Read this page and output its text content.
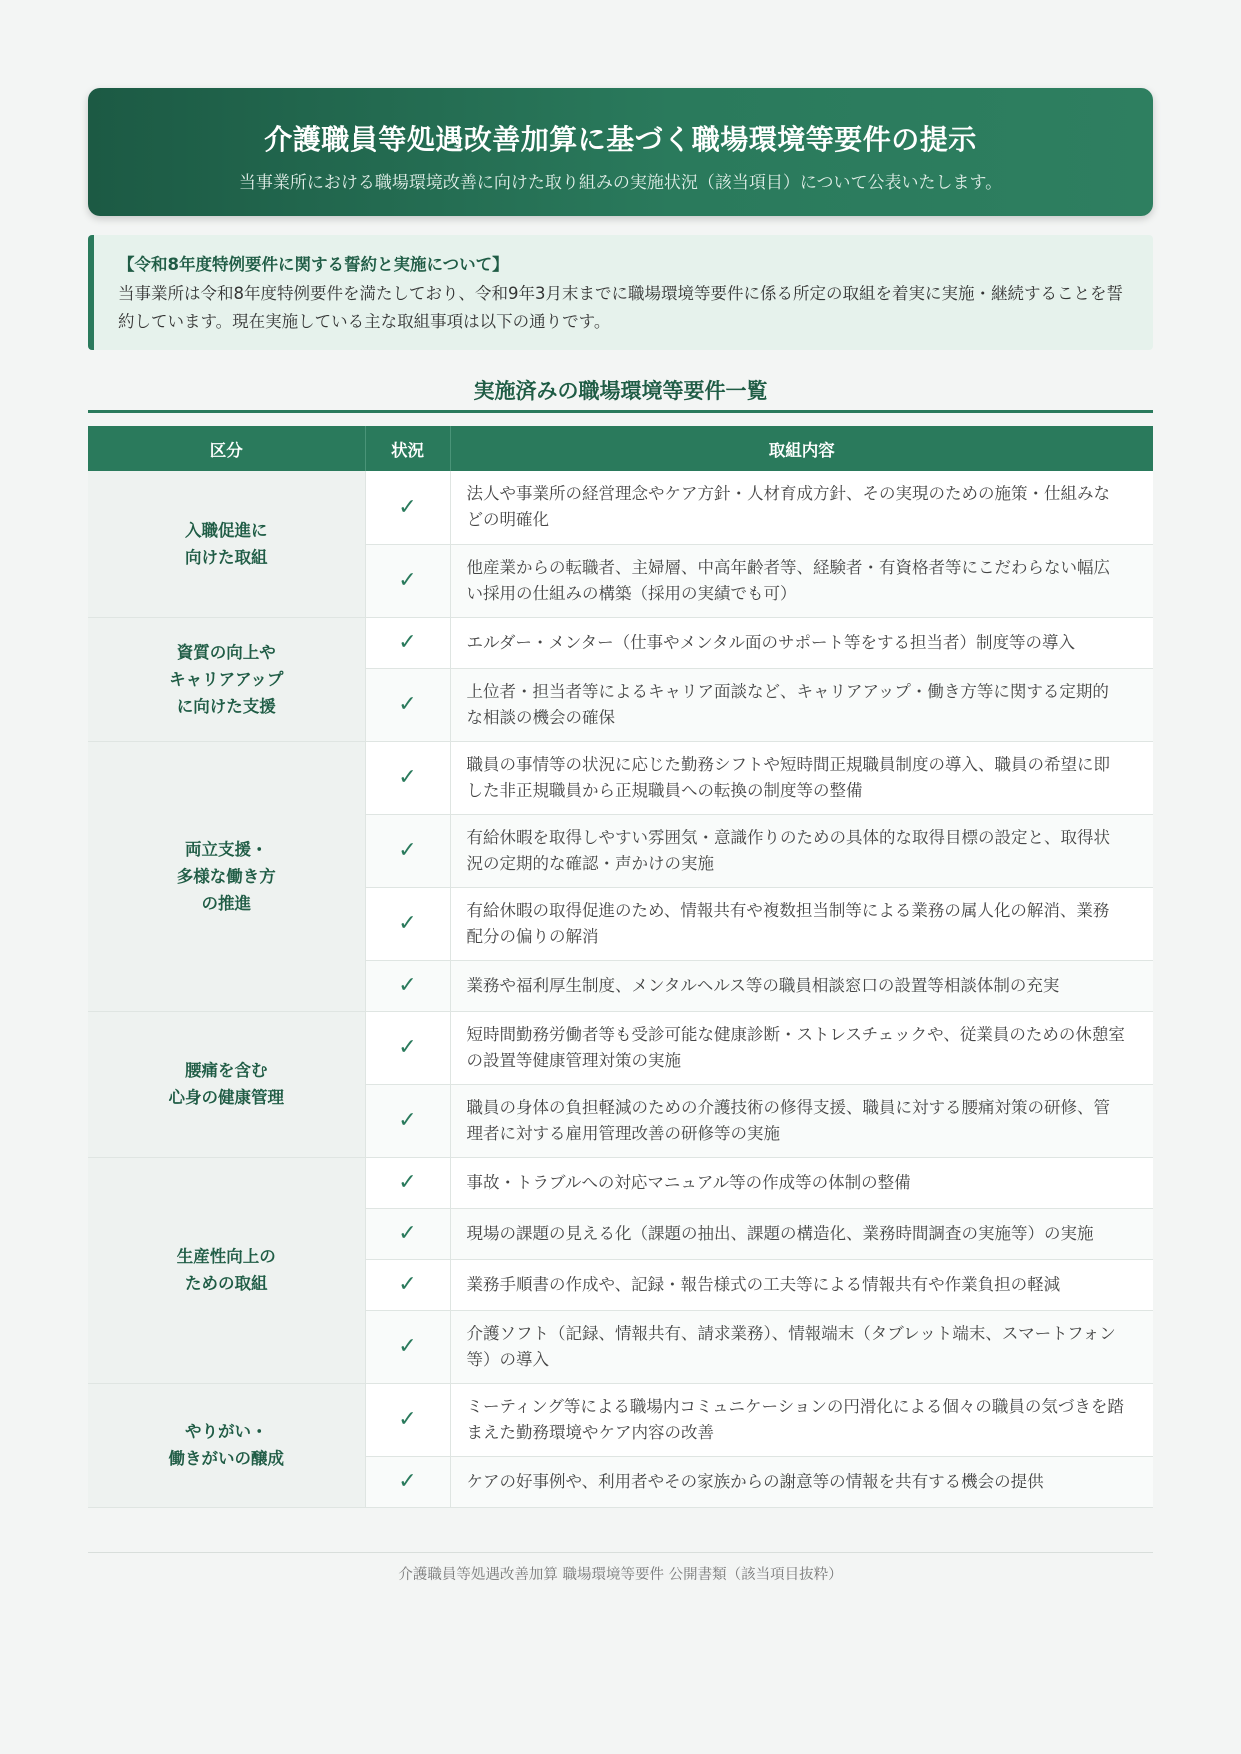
介護職員等処遇改善加算に基づく職場環境等要件の提示
当事業所における職場環境改善に向けた取り組みの実施状況（該当項目）について公表いたします。
【令和8年度特例要件に関する誓約と実施について】
当事業所は令和8年度特例要件を満たしており、令和9年3月末までに職場環境等要件に係る所定の取組を着実に実施・継続することを誓約しています。現在実施している主な取組事項は以下の通りです。
実施済みの職場環境等要件一覧
区分	状況	取組内容
入職促進に
向けた取組	✓	法人や事業所の経営理念やケア方針・人材育成方針、その実現のための施策・仕組みなどの明確化
	✓	他産業からの転職者、主婦層、中高年齢者等、経験者・有資格者等にこだわらない幅広い採用の仕組みの構築（採用の実績でも可）
資質の向上や
キャリアアップ
に向けた支援	✓	エルダー・メンター（仕事やメンタル面のサポート等をする担当者）制度等の導入
	✓	上位者・担当者等によるキャリア面談など、キャリアアップ・働き方等に関する定期的な相談の機会の確保
両立支援・
多様な働き方
の推進	✓	職員の事情等の状況に応じた勤務シフトや短時間正規職員制度の導入、職員の希望に即した非正規職員から正規職員への転換の制度等の整備
	✓	有給休暇を取得しやすい雰囲気・意識作りのための具体的な取得目標の設定と、取得状況の定期的な確認・声かけの実施
	✓	有給休暇の取得促進のため、情報共有や複数担当制等による業務の属人化の解消、業務配分の偏りの解消
	✓	業務や福利厚生制度、メンタルヘルス等の職員相談窓口の設置等相談体制の充実
腰痛を含む
心身の健康管理	✓	短時間勤務労働者等も受診可能な健康診断・ストレスチェックや、従業員のための休憩室の設置等健康管理対策の実施
	✓	職員の身体の負担軽減のための介護技術の修得支援、職員に対する腰痛対策の研修、管理者に対する雇用管理改善の研修等の実施
生産性向上の
ための取組	✓	事故・トラブルへの対応マニュアル等の作成等の体制の整備
	✓	現場の課題の見える化（課題の抽出、課題の構造化、業務時間調査の実施等）の実施
	✓	業務手順書の作成や、記録・報告様式の工夫等による情報共有や作業負担の軽減
	✓	介護ソフト（記録、情報共有、請求業務）、情報端末（タブレット端末、スマートフォン等）の導入
やりがい・
働きがいの醸成	✓	ミーティング等による職場内コミュニケーションの円滑化による個々の職員の気づきを踏まえた勤務環境やケア内容の改善
	✓	ケアの好事例や、利用者やその家族からの謝意等の情報を共有する機会の提供
介護職員等処遇改善加算 職場環境等要件 公開書類（該当項目抜粋）
